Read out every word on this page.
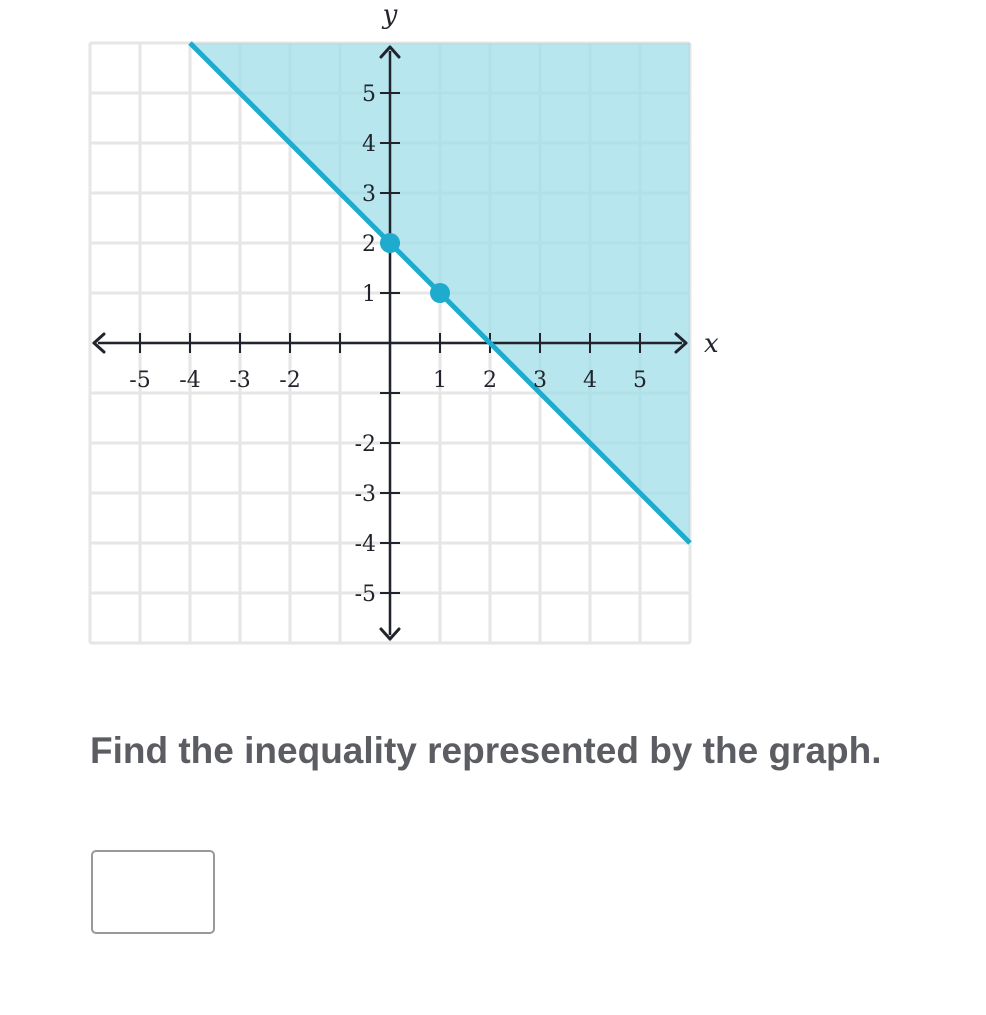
-5 -4 -3 -2	1 2 3 4 5
5
4
3
2
1
-2
-3
-4
-5
x
y
Find the inequality represented by the graph.
